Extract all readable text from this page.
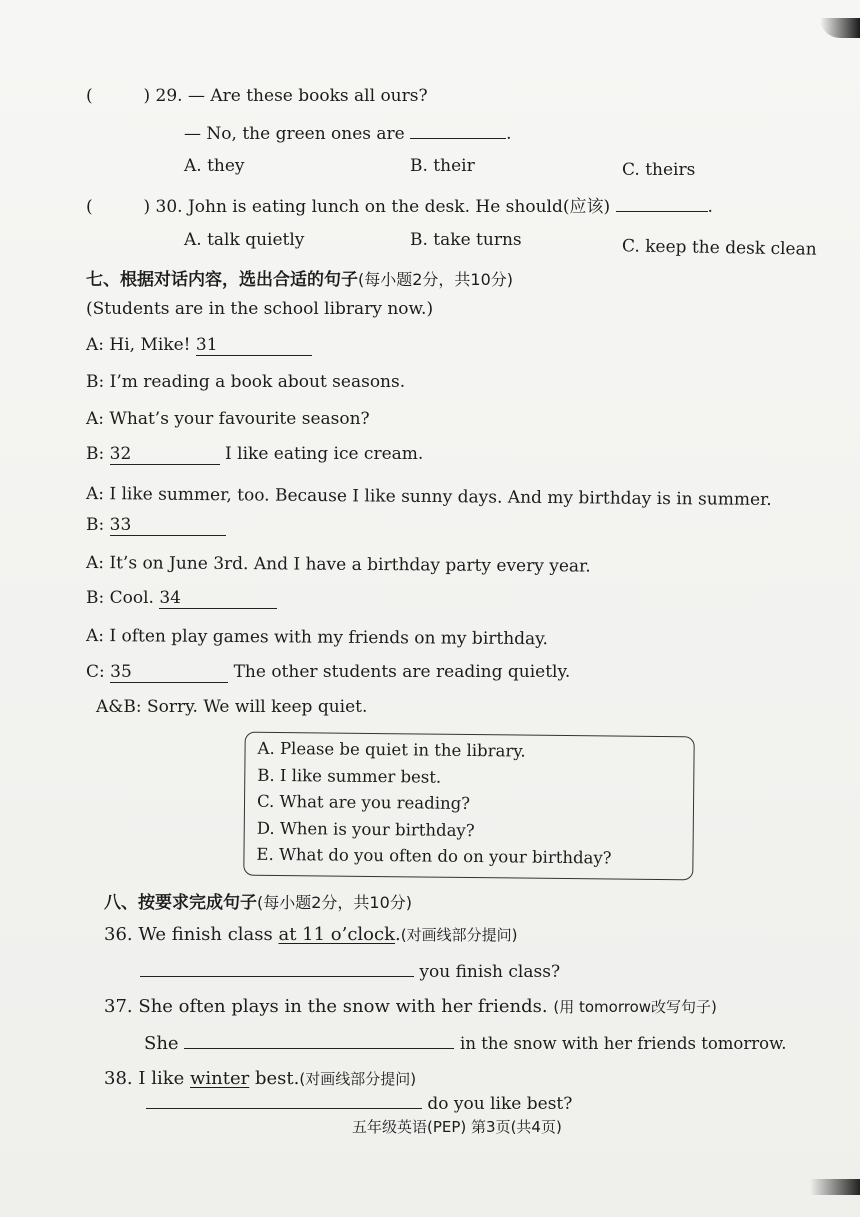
(	) 29. — Are these books all ours?
— No, the green ones are	.
A. they	B. their	C. theirs
(	) 30. John is eating lunch on the desk. He should(应该)	.
A. talk quietly	B. take turns	C. keep the desk clean
七、根据对话内容，选出合适的句子(每小题2分，共10分)
(Students are in the school library now.)
A: Hi, Mike! 31
B: I’m reading a book about seasons.
A: What’s your favourite season?
B: 32	I like eating ice cream.
A: I like summer, too. Because I like sunny days. And my birthday is in summer.
B: 33
A: It’s on June 3rd. And I have a birthday party every year.
B: Cool. 34
A: I often play games with my friends on my birthday.
C: 35	The other students are reading quietly.
A&B: Sorry. We will keep quiet.
A. Please be quiet in the library.
B. I like summer best.
C. What are you reading?
D. When is your birthday?
E. What do you often do on your birthday?
八、按要求完成句子(每小题2分，共10分)
36. We finish class at 11 o’clock.(对画线部分提问)
you finish class?
37. She often plays in the snow with her friends. (用 tomorrow改写句子)
She	in the snow with her friends tomorrow.
38. I like winter best.(对画线部分提问)
do you like best?
五年级英语(PEP) 第3页(共4页)
